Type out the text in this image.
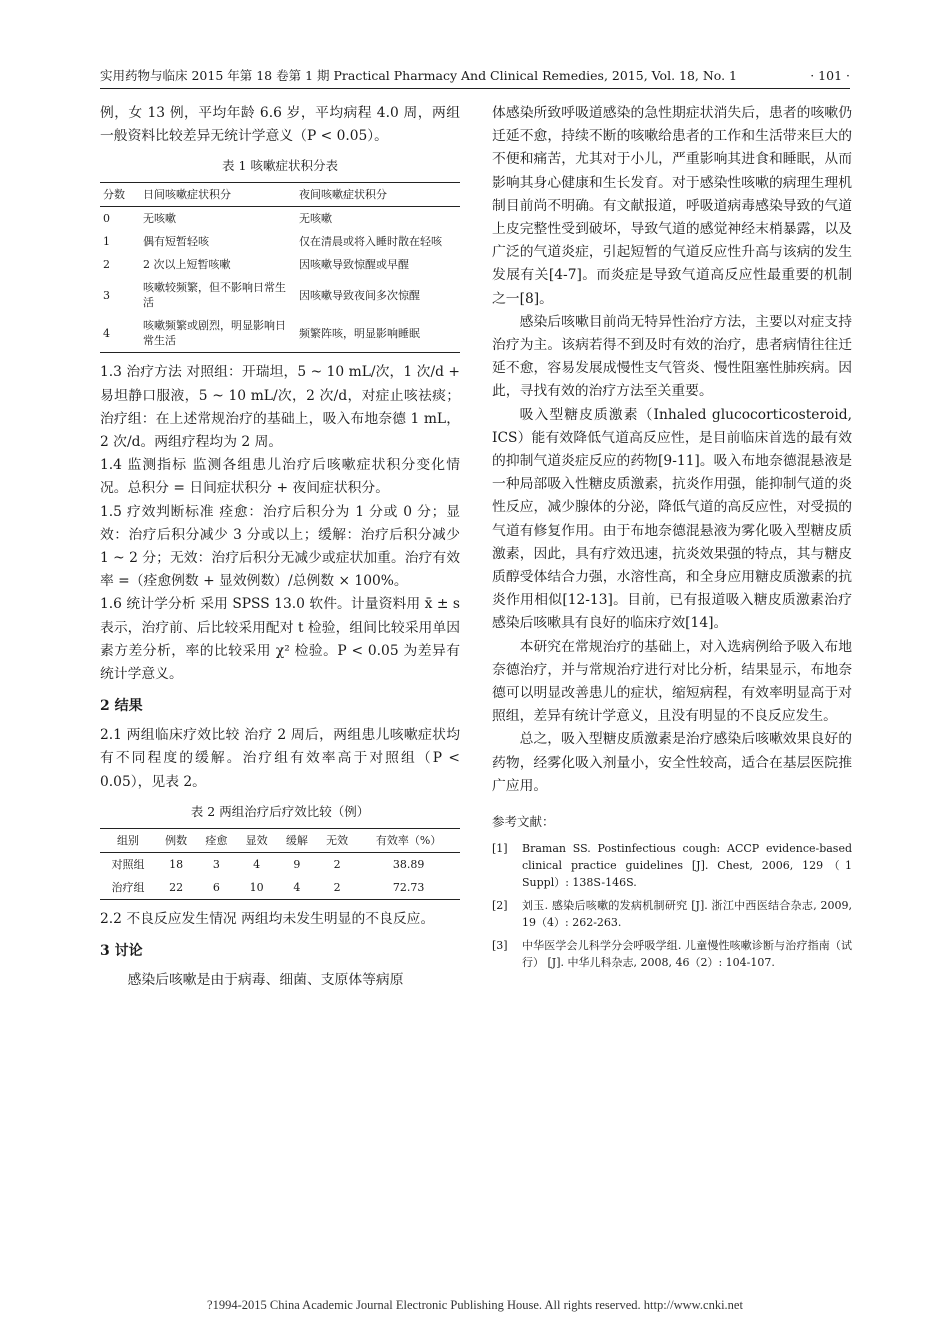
实用药物与临床 2015 年第 18 卷第 1 期 Practical Pharmacy And Clinical Remedies, 2015, Vol. 18, No. 1	· 101 ·

例，女 13 例，平均年龄 6.6 岁，平均病程 4.0 周，两组一般资料比较差异无统计学意义（P < 0.05）。

表 1 咳嗽症状积分表
分数	日间咳嗽症状积分	夜间咳嗽症状积分
0	无咳嗽	无咳嗽
1	偶有短暂轻咳	仅在清晨或将入睡时散在轻咳
2	2 次以上短暂咳嗽	因咳嗽导致惊醒或早醒
3	咳嗽较频繁，但不影响日常生活	因咳嗽导致夜间多次惊醒
4	咳嗽频繁或剧烈，明显影响日常生活	频繁阵咳，明显影响睡眠

1.3 治疗方法 对照组：开瑞坦，5 ~ 10 mL/次，1 次/d + 易坦静口服液，5 ~ 10 mL/次，2 次/d，对症止咳祛痰；治疗组：在上述常规治疗的基础上，吸入布地奈德 1 mL，2 次/d。两组疗程均为 2 周。

1.4 监测指标 监测各组患儿治疗后咳嗽症状积分变化情况。总积分 = 日间症状积分 + 夜间症状积分。

1.5 疗效判断标准 痊愈：治疗后积分为 1 分或 0 分；显效：治疗后积分减少 3 分或以上；缓解：治疗后积分减少 1 ~ 2 分；无效：治疗后积分无减少或症状加重。治疗有效率 =（痊愈例数 + 显效例数）/总例数 × 100%。

1.6 统计学分析 采用 SPSS 13.0 软件。计量资料用 x̄ ± s 表示，治疗前、后比较采用配对 t 检验，组间比较采用单因素方差分析，率的比较采用 χ² 检验。P < 0.05 为差异有统计学意义。

2 结果

2.1 两组临床疗效比较 治疗 2 周后，两组患儿咳嗽症状均有不同程度的缓解。治疗组有效率高于对照组（P < 0.05），见表 2。

表 2 两组治疗后疗效比较（例）
组别	例数	痊愈	显效	缓解	无效	有效率（%）
对照组	18	3	4	9	2	38.89
治疗组	22	6	10	4	2	72.73

2.2 不良反应发生情况 两组均未发生明显的不良反应。

3 讨论

感染后咳嗽是由于病毒、细菌、支原体等病原

体感染所致呼吸道感染的急性期症状消失后，患者的咳嗽仍迁延不愈，持续不断的咳嗽给患者的工作和生活带来巨大的不便和痛苦，尤其对于小儿，严重影响其进食和睡眠，从而影响其身心健康和生长发育。对于感染性咳嗽的病理生理机制目前尚不明确。有文献报道，呼吸道病毒感染导致的气道上皮完整性受到破坏，导致气道的感觉神经末梢暴露，以及广泛的气道炎症，引起短暂的气道反应性升高与该病的发生发展有关[4-7]。而炎症是导致气道高反应性最重要的机制之一[8]。

感染后咳嗽目前尚无特异性治疗方法，主要以对症支持治疗为主。该病若得不到及时有效的治疗，患者病情往往迁延不愈，容易发展成慢性支气管炎、慢性阻塞性肺疾病。因此，寻找有效的治疗方法至关重要。

吸入型糖皮质激素（Inhaled glucocorticosteroid, ICS）能有效降低气道高反应性，是目前临床首选的最有效的抑制气道炎症反应的药物[9-11]。吸入布地奈德混悬液是一种局部吸入性糖皮质激素，抗炎作用强，能抑制气道的炎性反应，减少腺体的分泌，降低气道的高反应性，对受损的气道有修复作用。由于布地奈德混悬液为雾化吸入型糖皮质激素，因此，具有疗效迅速，抗炎效果强的特点，其与糖皮质醇受体结合力强，水溶性高，和全身应用糖皮质激素的抗炎作用相似[12-13]。目前，已有报道吸入糖皮质激素治疗感染后咳嗽具有良好的临床疗效[14]。

本研究在常规治疗的基础上，对入选病例给予吸入布地奈德治疗，并与常规治疗进行对比分析，结果显示，布地奈德可以明显改善患儿的症状，缩短病程，有效率明显高于对照组，差异有统计学意义，且没有明显的不良反应发生。

总之，吸入型糖皮质激素是治疗感染后咳嗽效果良好的药物，经雾化吸入剂量小，安全性较高，适合在基层医院推广应用。

参考文献：
[1]	Braman SS. Postinfectious cough: ACCP evidence-based clinical practice guidelines [J]. Chest, 2006, 129（1 Suppl）: 138S-146S.
[2]	刘玉. 感染后咳嗽的发病机制研究 [J]. 浙江中西医结合杂志, 2009, 19（4）: 262-263.
[3]	中华医学会儿科学分会呼吸学组. 儿童慢性咳嗽诊断与治疗指南（试行） [J]. 中华儿科杂志, 2008, 46（2）: 104-107.
?1994-2015 China Academic Journal Electronic Publishing House. All rights reserved. http://www.cnki.net
